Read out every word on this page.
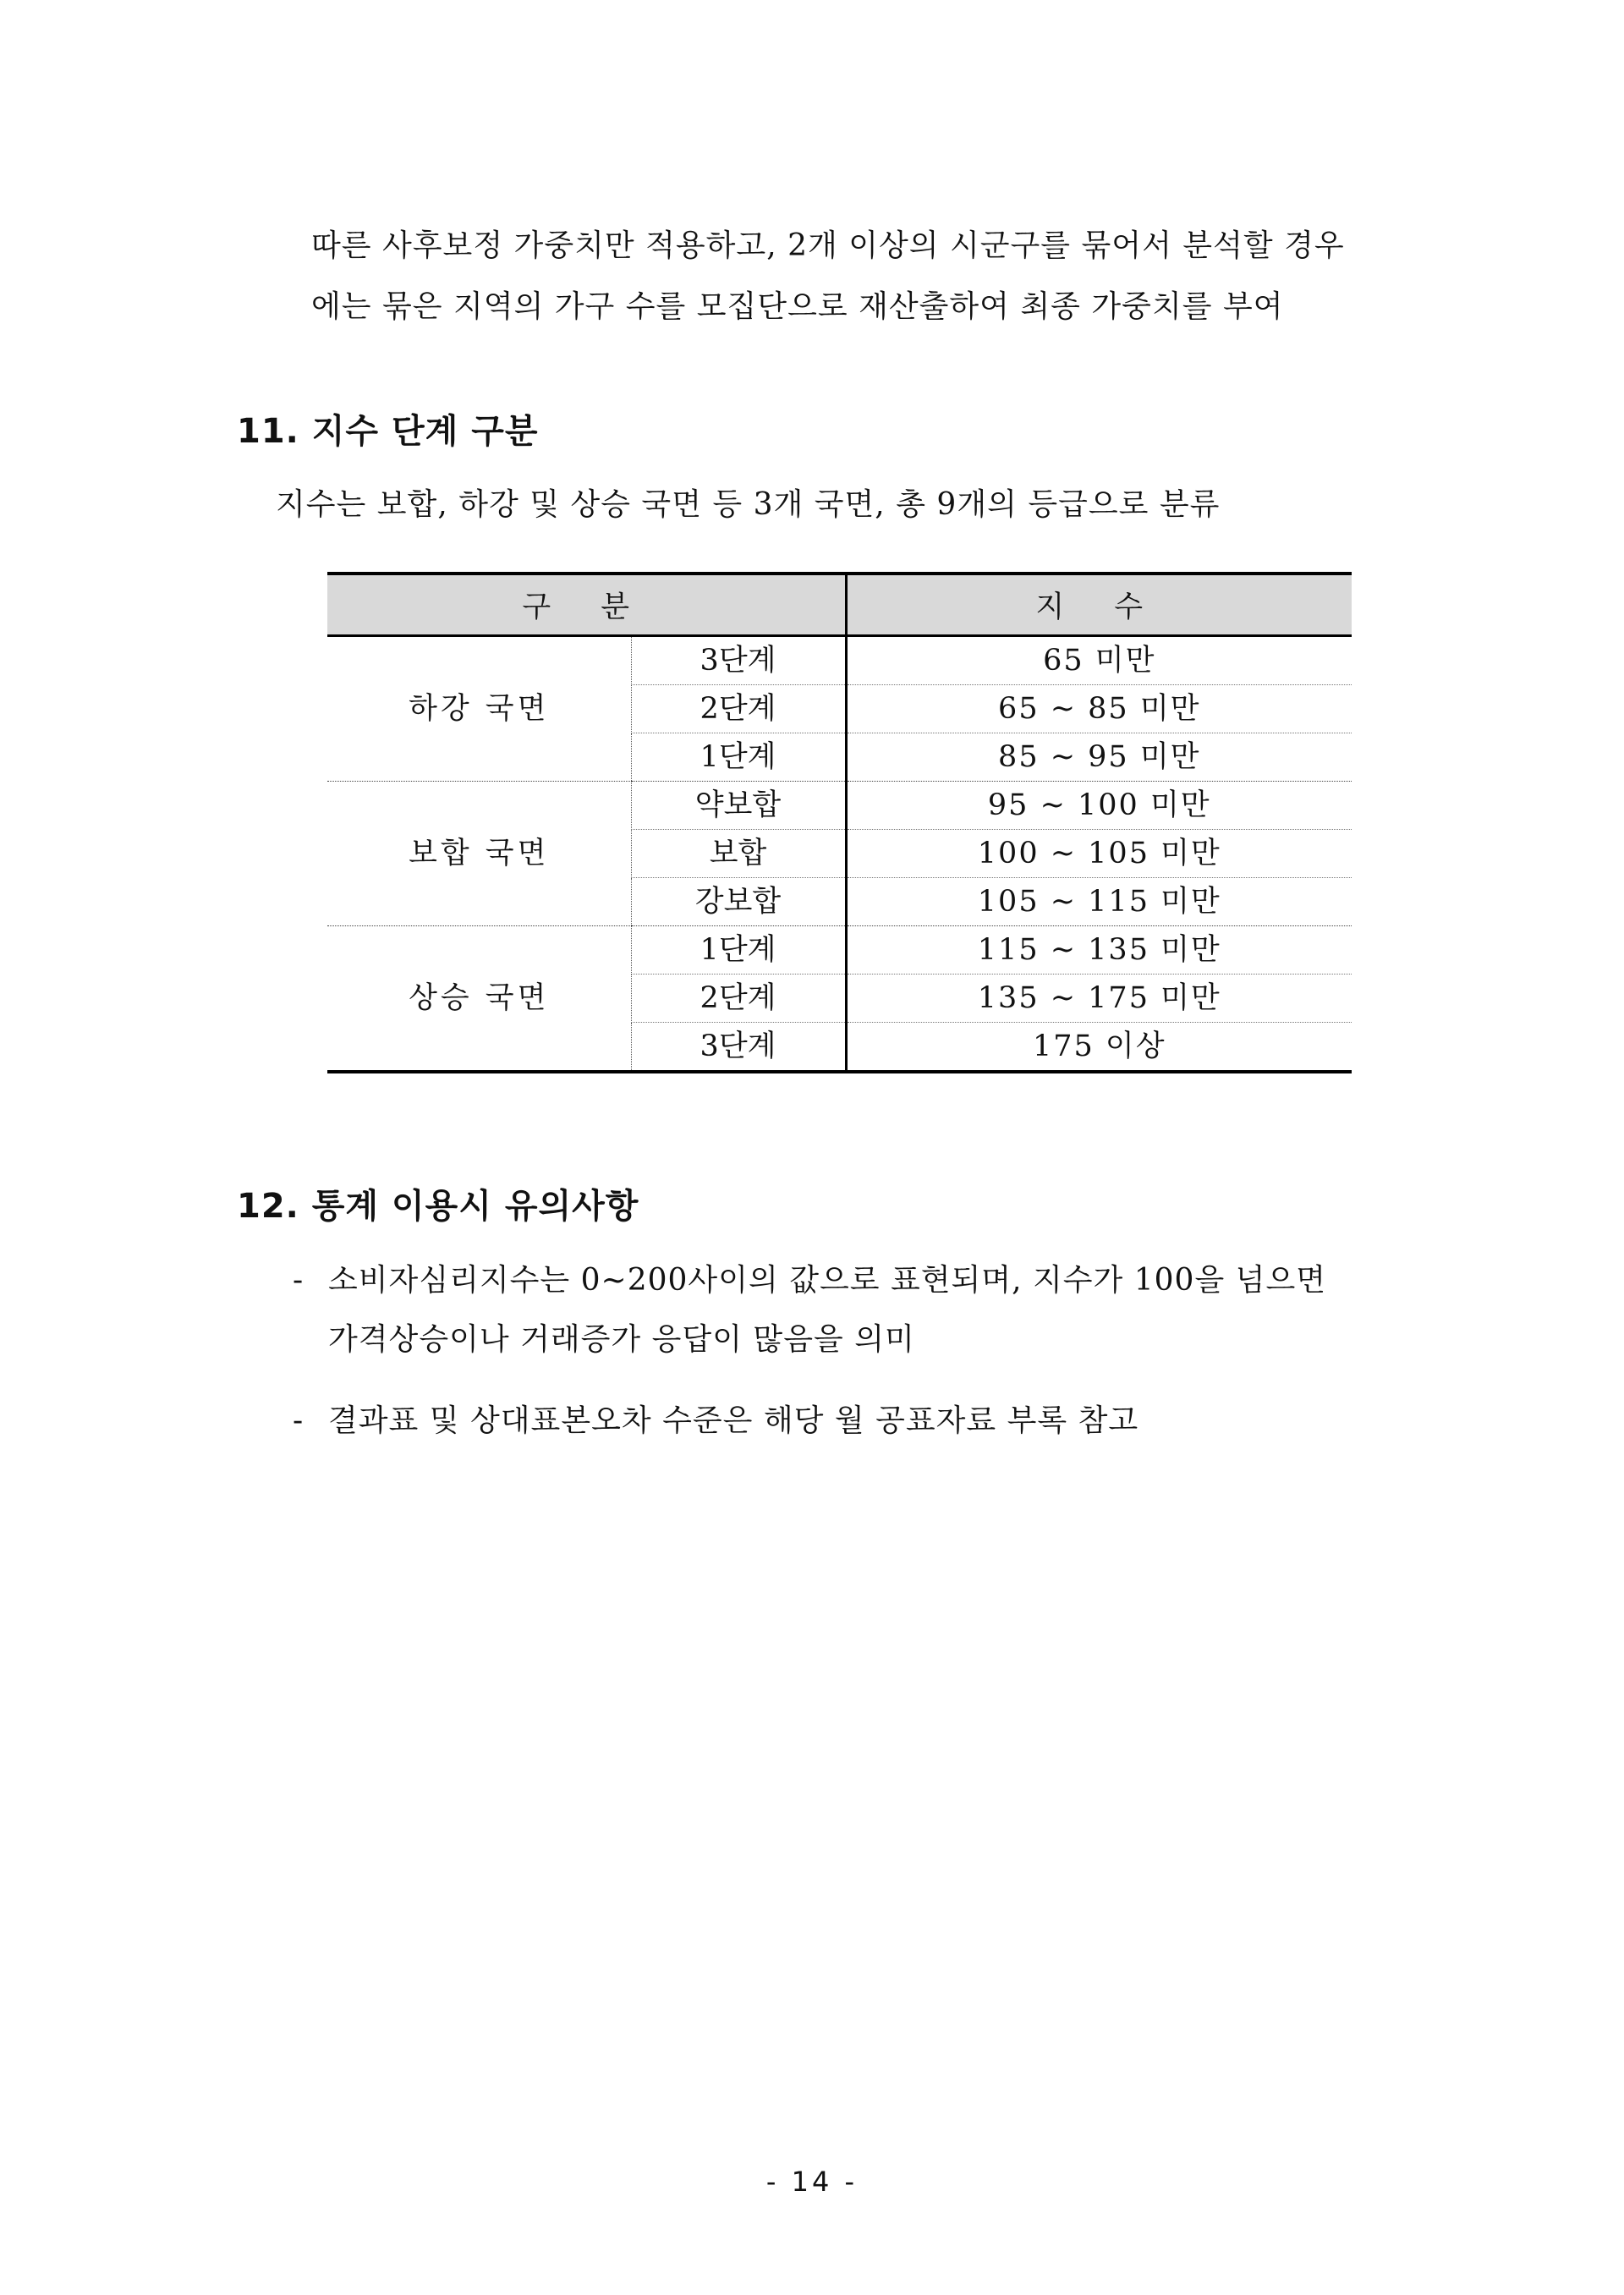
따른 사후보정 가중치만 적용하고, 2개 이상의 시군구를 묶어서 분석할 경우
에는 묶은 지역의 가구 수를 모집단으로 재산출하여 최종 가중치를 부여
11. 지수 단계 구분
지수는 보합, 하강 및 상승 국면 등 3개 국면, 총 9개의 등급으로 분류
구 분		지 수
하강 국면	3단계	65 미만
	2단계	65 ~ 85 미만
	1단계	85 ~ 95 미만
보합 국면	약보합	95 ~ 100 미만
	보합	100 ~ 105 미만
	강보합	105 ~ 115 미만
상승 국면	1단계	115 ~ 135 미만
	2단계	135 ~ 175 미만
	3단계	175 이상
12. 통계 이용시 유의사항
- 소비자심리지수는 0~200사이의 값으로 표현되며, 지수가 100을 넘으면
가격상승이나 거래증가 응답이 많음을 의미
- 결과표 및 상대표본오차 수준은 해당 월 공표자료 부록 참고
- 14 -
